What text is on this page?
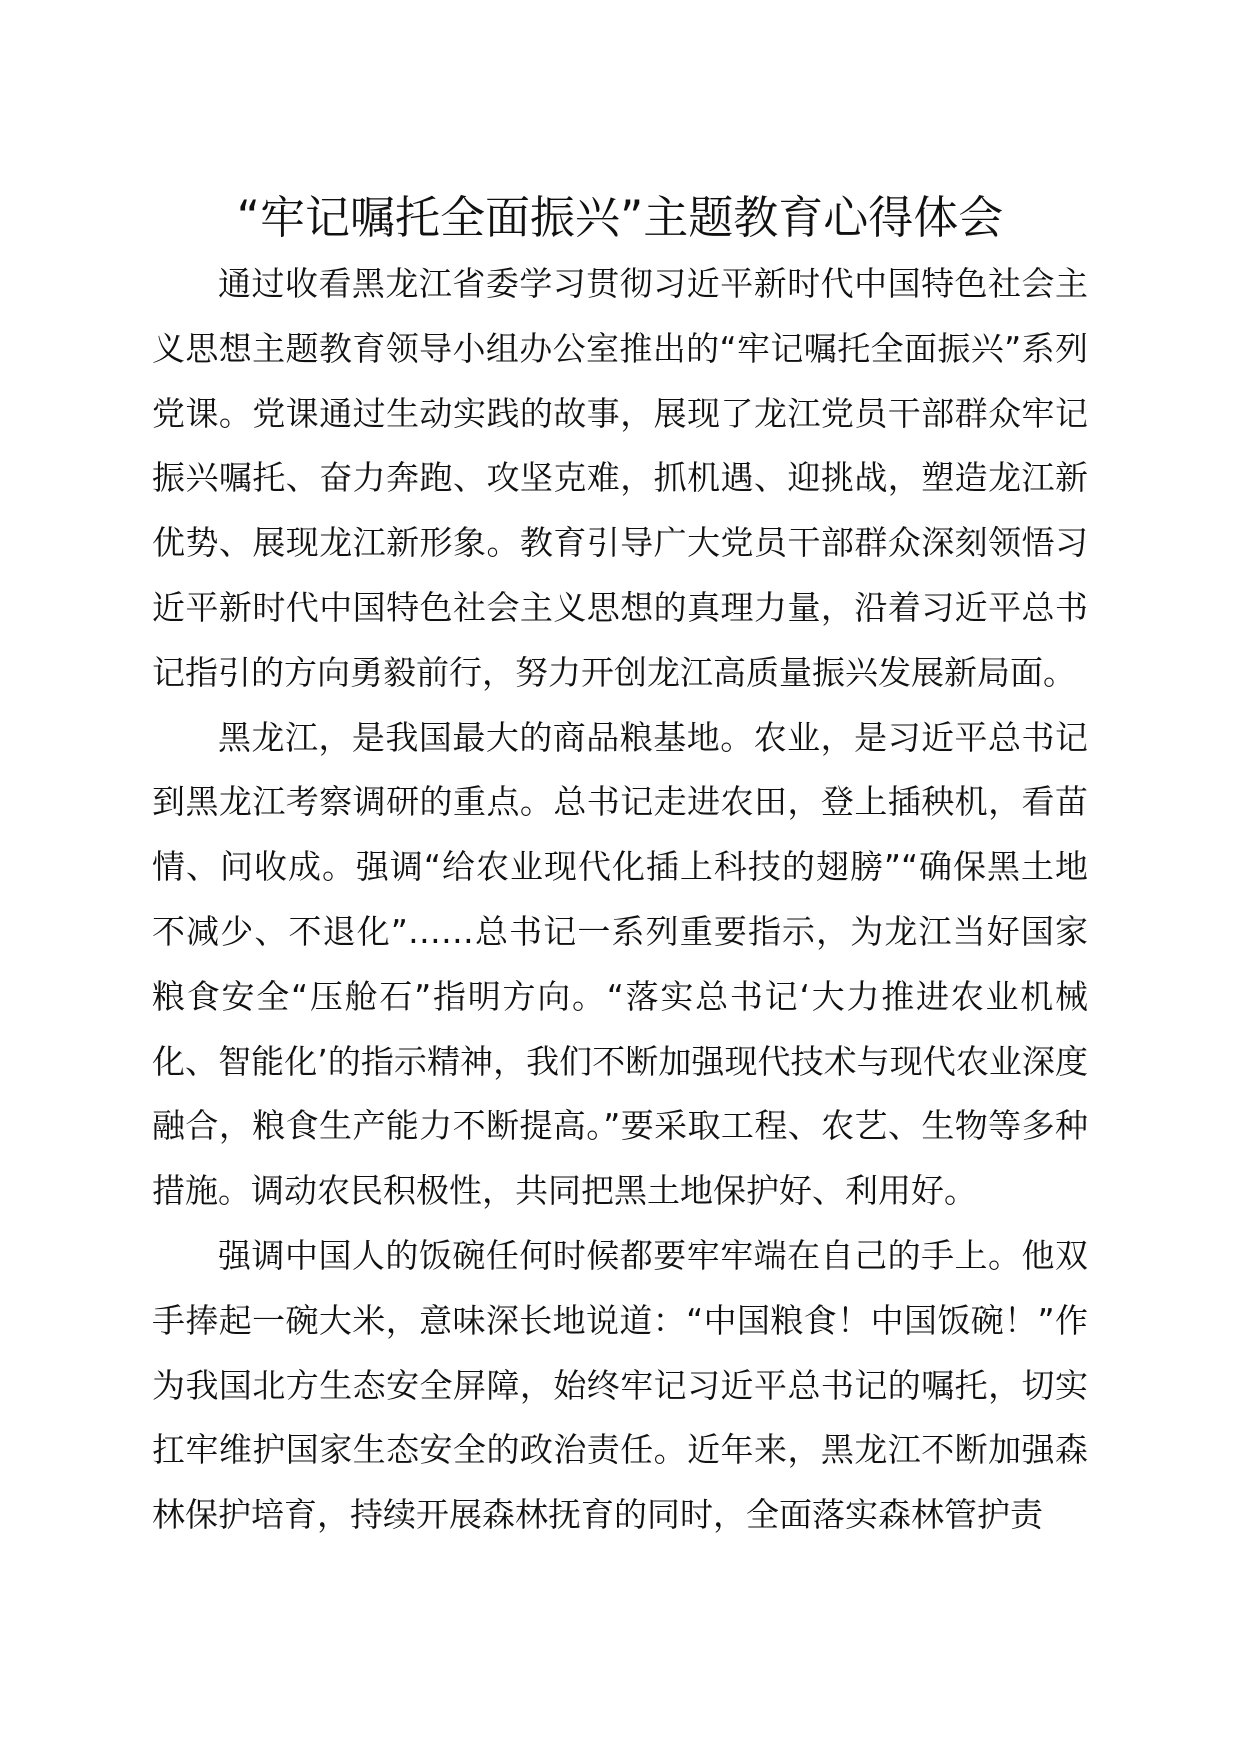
“牢记嘱托全面振兴”主题教育心得体会

通过收看黑龙江省委学习贯彻习近平新时代中国特色社会主义思想主题教育领导小组办公室推出的“牢记嘱托全面振兴”系列党课。党课通过生动实践的故事，展现了龙江党员干部群众牢记振兴嘱托、奋力奔跑、攻坚克难，抓机遇、迎挑战，塑造龙江新优势、展现龙江新形象。教育引导广大党员干部群众深刻领悟习近平新时代中国特色社会主义思想的真理力量，沿着习近平总书记指引的方向勇毅前行，努力开创龙江高质量振兴发展新局面。

黑龙江，是我国最大的商品粮基地。农业，是习近平总书记到黑龙江考察调研的重点。总书记走进农田，登上插秧机，看苗情、问收成。强调“给农业现代化插上科技的翅膀”“确保黑土地不减少、不退化”……总书记一系列重要指示，为龙江当好国家粮食安全“压舱石”指明方向。“落实总书记‘大力推进农业机械化、智能化’的指示精神，我们不断加强现代技术与现代农业深度融合，粮食生产能力不断提高。”要采取工程、农艺、生物等多种措施。调动农民积极性，共同把黑土地保护好、利用好。

强调中国人的饭碗任何时候都要牢牢端在自己的手上。他双手捧起一碗大米，意味深长地说道：“中国粮食！中国饭碗！”作为我国北方生态安全屏障，始终牢记习近平总书记的嘱托，切实扛牢维护国家生态安全的政治责任。近年来，黑龙江不断加强森林保护培育，持续开展森林抚育的同时，全面落实森林管护责
